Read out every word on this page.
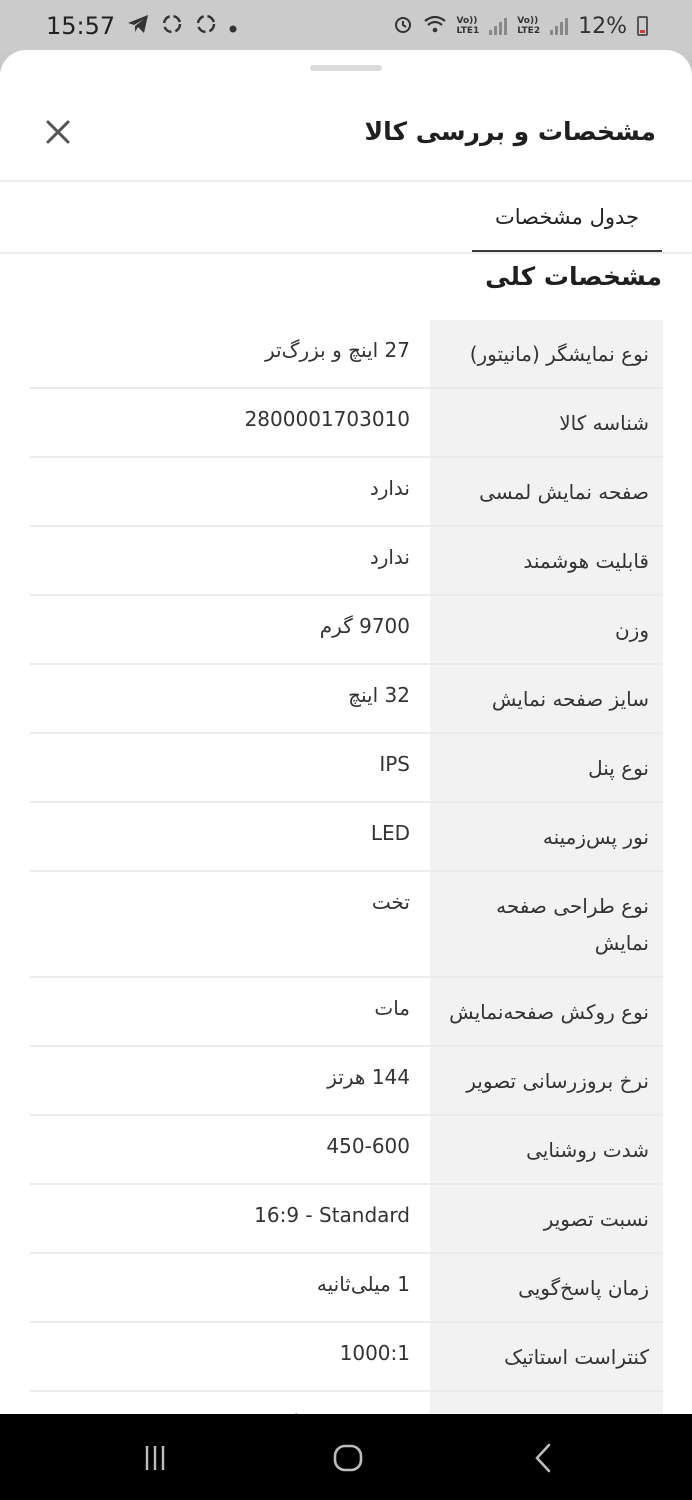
15:57	Vo))
LTE1
Vo))
LTE2 12%
مشخصات و بررسی کالا
جدول مشخصات
مشخصات کلی
نوع نمایشگر (مانیتور)
27 اینچ و بزرگ‌تر
شناسه کالا
2800001703010
صفحه نمایش لمسی
ندارد
قابلیت هوشمند
ندارد
وزن
9700 گرم
سایز صفحه نمایش
32 اینچ
نوع پنل
IPS
نور پس‌زمینه
LED
نوع طراحی صفحه نمایش
تخت
نوع روکش صفحه‌نمایش
مات
نرخ بروزرسانی تصویر
144 هرتز
شدت روشنایی
450-600
نسبت تصویر
16:9 - Standard
زمان پاسخ‌گویی
1 میلی‌ثانیه
کنتراست استاتیک
1000:1
